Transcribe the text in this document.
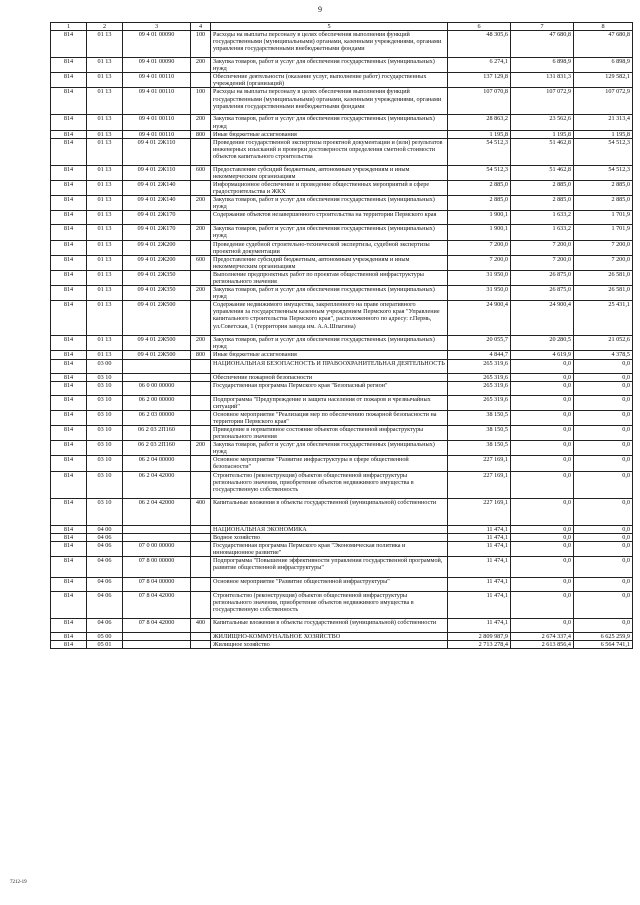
9
1	2	3	4	5	6	7	8
814	01 13	09 4 01 00090	100	Расходы на выплаты персоналу в целях обеспечения выполнения функций государственными (муниципальными) органами, казенными учреждениями, органами управления государственными внебюджетными фондами	48 305,6	47 680,8	47 680,8
814	01 13	09 4 01 00090	200	Закупка товаров, работ и услуг для обеспечения государственных (муниципальных) нужд	6 274,1	6 898,9	6 898,9
814	01 13	09 4 01 00110		Обеспечение деятельности (оказание услуг, выполнение работ) государственных учреждений (организаций)	137 129,8	131 831,3	129 582,1
814	01 13	09 4 01 00110	100	Расходы на выплаты персоналу в целях обеспечения выполнения функций государственными (муниципальными) органами, казенными учреждениями, органами управления государственными внебюджетными фондами	107 070,8	107 072,9	107 072,9
814	01 13	09 4 01 00110	200	Закупка товаров, работ и услуг для обеспечения государственных (муниципальных) нужд	28 863,2	23 562,6	21 313,4
814	01 13	09 4 01 00110	800	Иные бюджетные ассигнования	1 195,8	1 195,8	1 195,8
814	01 13	09 4 01 2Ж110		Проведение государственной экспертизы проектной документации и (или) результатов инженерных изысканий и проверки достоверности определения сметной стоимости объектов капитального строительства	54 512,3	51 462,8	54 512,3
814	01 13	09 4 01 2Ж110	600	Предоставление субсидий бюджетным, автономным учреждениям и иным некоммерческим организациям	54 512,3	51 462,8	54 512,3
814	01 13	09 4 01 2Ж140		Информационное обеспечение и проведение общественных мероприятий в сфере градостроительства и ЖКХ	2 885,0	2 885,0	2 885,0
814	01 13	09 4 01 2Ж140	200	Закупка товаров, работ и услуг для обеспечения государственных (муниципальных) нужд	2 885,0	2 885,0	2 885,0
814	01 13	09 4 01 2Ж170		Содержание объектов незавершенного строительства на территории Пермского края	1 900,1	1 633,2	1 701,9
814	01 13	09 4 01 2Ж170	200	Закупка товаров, работ и услуг для обеспечения государственных (муниципальных) нужд	1 900,1	1 633,2	1 701,9
814	01 13	09 4 01 2Ж200		Проведение судебной строительно-технической экспертизы, судебной экспертизы проектной документации	7 200,0	7 200,0	7 200,0
814	01 13	09 4 01 2Ж200	600	Предоставление субсидий бюджетным, автономным учреждениям и иным некоммерческим организациям	7 200,0	7 200,0	7 200,0
814	01 13	09 4 01 2Ж350		Выполнение предпроектных работ по проектам общественной инфраструктуры регионального значения	31 950,0	26 875,0	26 581,0
814	01 13	09 4 01 2Ж350	200	Закупка товаров, работ и услуг для обеспечения государственных (муниципальных) нужд	31 950,0	26 875,0	26 581,0
814	01 13	09 4 01 2Ж500		Содержание недвижимого имущества, закрепленного на праве оперативного управления за государственным казенным учреждением Пермского края "Управление капитального строительства Пермского края", расположенного по адресу: г.Пермь, ул.Советская, 1 (территория завода им. А.А.Шпагина)	24 900,4	24 900,4	25 431,1
814	01 13	09 4 01 2Ж500	200	Закупка товаров, работ и услуг для обеспечения государственных (муниципальных) нужд	20 055,7	20 280,5	21 052,6
814	01 13	09 4 01 2Ж500	800	Иные бюджетные ассигнования	4 844,7	4 619,9	4 378,5
814	03 00			НАЦИОНАЛЬНАЯ БЕЗОПАСНОСТЬ И ПРАВООХРАНИТЕЛЬНАЯ ДЕЯТЕЛЬНОСТЬ	265 319,6	0,0	0,0
814	03 10			Обеспечение пожарной безопасности	265 319,6	0,0	0,0
814	03 10	06 0 00 00000		Государственная программа Пермского края "Безопасный регион"	265 319,6	0,0	0,0
814	03 10	06 2 00 00000		Подпрограмма "Предупреждение и защита населения от пожаров и чрезвычайных ситуаций"	265 319,6	0,0	0,0
814	03 10	06 2 03 00000		Основное мероприятие "Реализация мер по обеспечению пожарной безопасности на территории Пермского края"	38 150,5	0,0	0,0
814	03 10	06 2 03 2П160		Приведение в нормативное состояние объектов общественной инфраструктуры регионального значения	38 150,5	0,0	0,0
814	03 10	06 2 03 2П160	200	Закупка товаров, работ и услуг для обеспечения государственных (муниципальных) нужд	38 150,5	0,0	0,0
814	03 10	06 2 04 00000		Основное мероприятие "Развитие инфраструктуры в сфере общественной безопасности"	227 169,1	0,0	0,0
814	03 10	06 2 04 42000		Строительство (реконструкция) объектов общественной инфраструктуры регионального значения, приобретение объектов недвижимого имущества в государственную собственность	227 169,1	0,0	0,0
814	03 10	06 2 04 42000	400	Капитальные вложения в объекты государственной (муниципальной) собственности	227 169,1	0,0	0,0
814	04 00			НАЦИОНАЛЬНАЯ ЭКОНОМИКА	11 474,1	0,0	0,0
814	04 06			Водное хозяйство	11 474,1	0,0	0,0
814	04 06	07 0 00 00000		Государственная программа Пермского края "Экономическая политика и инновационное развитие"	11 474,1	0,0	0,0
814	04 06	07 8 00 00000		Подпрограмма "Повышение эффективности управления государственной программой, развитие общественной инфраструктуры"	11 474,1	0,0	0,0
814	04 06	07 8 04 00000		Основное мероприятие "Развитие общественной инфраструктуры"	11 474,1	0,0	0,0
814	04 06	07 8 04 42000		Строительство (реконструкция) объектов общественной инфраструктуры регионального значения, приобретение объектов недвижимого имущества в государственную собственность	11 474,1	0,0	0,0
814	04 06	07 8 04 42000	400	Капитальные вложения в объекты государственной (муниципальной) собственности	11 474,1	0,0	0,0
814	05 00			ЖИЛИЩНО-КОММУНАЛЬНОЕ ХОЗЯЙСТВО	2 809 987,9	2 674 337,4	6 625 259,9
814	05 01			Жилищное хозяйство	2 713 278,4	2 613 856,4	6 564 741,1
7212-19
